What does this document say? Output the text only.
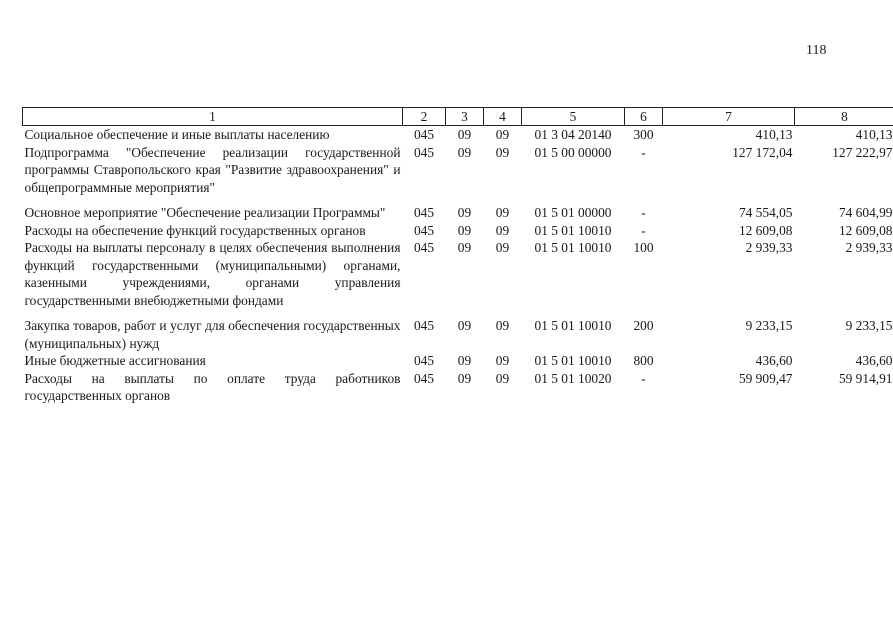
118
1	2	3	4	5	6	7	8
Социальное обеспечение и иные выплаты населению	045	09	09	01 3 04 20140	300	410,13	410,13
Подпрограмма "Обеспечение реализации государственной программы Ставропольского края "Развитие здравоохранения" и общепрограммные мероприятия"	045	09	09	01 5 00 00000	-	127 172,04	127 222,97
Основное мероприятие "Обеспечение реализации Программы"	045	09	09	01 5 01 00000	-	74 554,05	74 604,99
Расходы на обеспечение функций государственных органов	045	09	09	01 5 01 10010	-	12 609,08	12 609,08
Расходы на выплаты персоналу в целях обеспечения выполнения функций государственными (муниципальными) органами, казенными учреждениями, органами управления государственными внебюджетными фондами	045	09	09	01 5 01 10010	100	2 939,33	2 939,33
Закупка товаров, работ и услуг для обеспечения государственных (муниципальных) нужд	045	09	09	01 5 01 10010	200	9 233,15	9 233,15
Иные бюджетные ассигнования	045	09	09	01 5 01 10010	800	436,60	436,60
Расходы на выплаты по оплате труда работников государственных органов	045	09	09	01 5 01 10020	-	59 909,47	59 914,91
